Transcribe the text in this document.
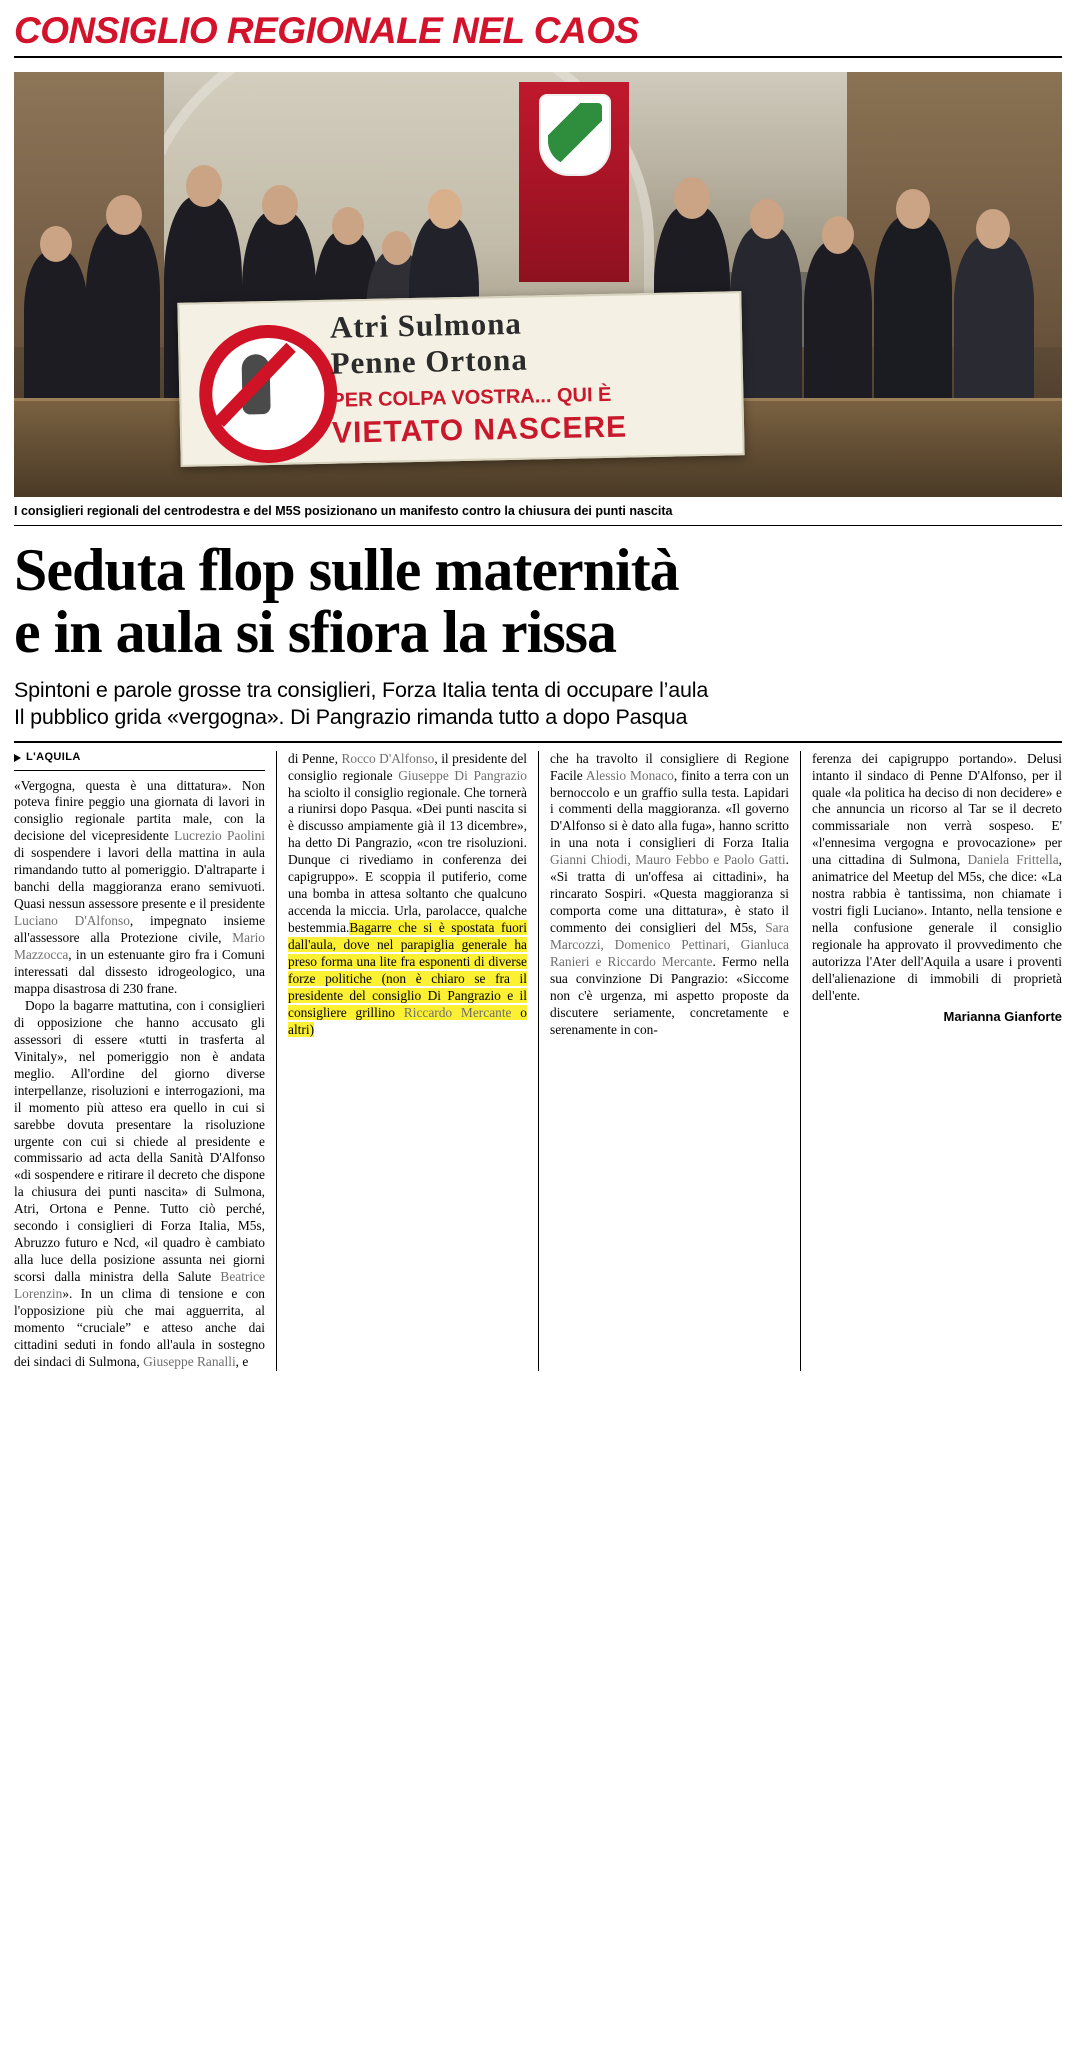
CONSIGLIO REGIONALE NEL CAOS
Atri Sulmona
Penne Ortona
PER COLPA VOSTRA... QUI È
VIETATO NASCERE
I consiglieri regionali del centrodestra e del M5S posizionano un manifesto contro la chiusura dei punti nascita
Seduta flop sulle maternità
e in aula si sfiora la rissa
Spintoni e parole grosse tra consiglieri, Forza Italia tenta di occupare l’aula
Il pubblico grida «vergogna». Di Pangrazio rimanda tutto a dopo Pasqua
L'AQUILA

«Vergogna, questa è una dittatura». Non poteva finire peggio una giornata di lavori in consiglio regionale partita male, con la decisione del vicepresidente Lucrezio Paolini di sospendere i lavori della mattina in aula rimandando tutto al pomeriggio. D'altraparte i banchi della maggioranza erano semivuoti. Quasi nessun assessore presente e il presidente Luciano D'Alfonso, impegnato insieme all'assessore alla Protezione civile, Mario Mazzocca, in un estenuante giro fra i Comuni interessati dal dissesto idrogeologico, una mappa disastrosa di 230 frane.

Dopo la bagarre mattutina, con i consiglieri di opposizione che hanno accusato gli assessori di essere «tutti in trasferta al Vinitaly», nel pomeriggio non è andata meglio. All'ordine del giorno diverse interpellanze, risoluzioni e interrogazioni, ma il momento più atteso era quello in cui si sarebbe dovuta presentare la risoluzione urgente con cui si chiede al presidente e commissario ad acta della Sanità D'Alfonso «di sospendere e ritirare il decreto che dispone la chiusura dei punti nascita» di Sulmona, Atri, Ortona e Penne. Tutto ciò perché, secondo i consiglieri di Forza Italia, M5s, Abruzzo futuro e Ncd, «il quadro è cambiato alla luce della posizione assunta nei giorni scorsi dalla ministra della Salute Beatrice Lorenzin». In un clima di tensione e con l'opposizione più che mai agguerrita, al momento “cruciale” e atteso anche dai cittadini seduti in fondo all'aula in sostegno dei sindaci di Sulmona, Giuseppe Ranalli, e

di Penne, Rocco D'Alfonso, il presidente del consiglio regionale Giuseppe Di Pangrazio ha sciolto il consiglio regionale. Che tornerà a riunirsi dopo Pasqua. «Dei punti nascita si è discusso ampiamente già il 13 dicembre», ha detto Di Pangrazio, «con tre risoluzioni. Dunque ci rivediamo in conferenza dei capigruppo». E scoppia il putiferio, come una bomba in attesa soltanto che qualcuno accenda la miccia. Urla, parolacce, qualche bestemmia.Bagarre che si è spostata fuori dall'aula, dove nel parapiglia generale ha preso forma una lite fra esponenti di diverse forze politiche (non è chiaro se fra il presidente del consiglio Di Pangrazio e il consigliere grillino Riccardo Mercante o altri)

che ha travolto il consigliere di Regione Facile Alessio Monaco, finito a terra con un bernoccolo e un graffio sulla testa. Lapidari i commenti della maggioranza. «Il governo D'Alfonso si è dato alla fuga», hanno scritto in una nota i consiglieri di Forza Italia Gianni Chiodi, Mauro Febbo e Paolo Gatti. «Si tratta di un'offesa ai cittadini», ha rincarato Sospiri. «Questa maggioranza si comporta come una dittatura», è stato il commento dei consiglieri del M5s, Sara Marcozzi, Domenico Pettinari, Gianluca Ranieri e Riccardo Mercante. Fermo nella sua convinzione Di Pangrazio: «Siccome non c'è urgenza, mi aspetto proposte da discutere seriamente, concretamente e serenamente in con-

ferenza dei capigruppo portando». Delusi intanto il sindaco di Penne D'Alfonso, per il quale «la politica ha deciso di non decidere» e che annuncia un ricorso al Tar se il decreto commissariale non verrà sospeso. E' «l'ennesima vergogna e provocazione» per una cittadina di Sulmona, Daniela Frittella, animatrice del Meetup del M5s, che dice: «La nostra rabbia è tantissima, non chiamate i vostri figli Luciano». Intanto, nella tensione e nella confusione generale il consiglio regionale ha approvato il provvedimento che autorizza l'Ater dell'Aquila a usare i proventi dell'alienazione di immobili di proprietà dell'ente.

Marianna Gianforte
